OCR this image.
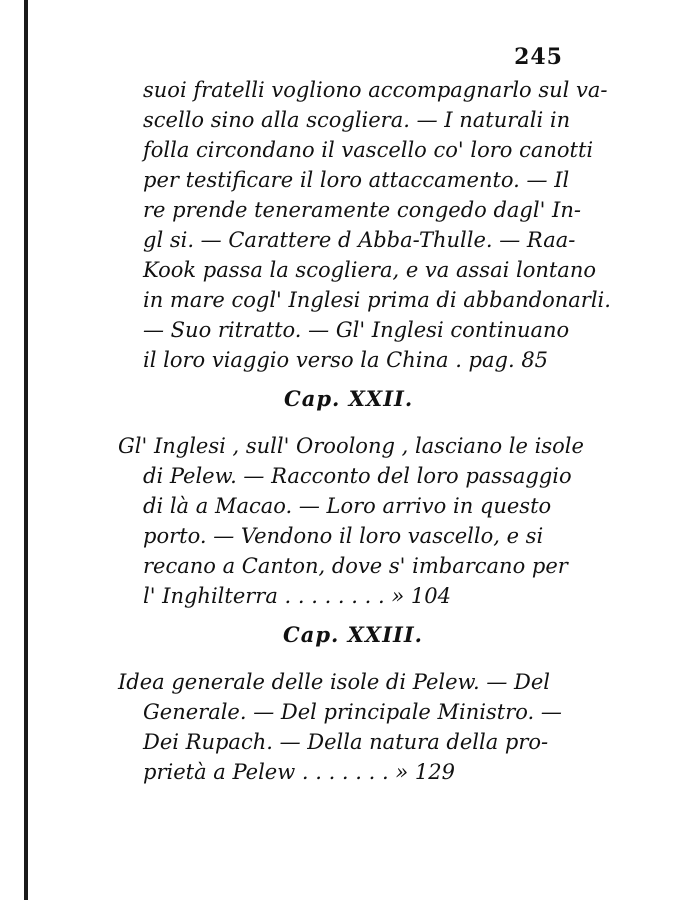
245
suoi fratelli vogliono accompagnarlo sul va-
scello sino alla scogliera. — I naturali in
folla circondano il vascello co' loro canotti
per testificare il loro attaccamento. — Il
re prende teneramente congedo dagl' In-
gl si. — Carattere d Abba-Thulle. — Raa-
Kook passa la scogliera, e va assai lontano
in mare cogl' Inglesi prima di abbandonarli.
— Suo ritratto. — Gl' Inglesi continuano
il loro viaggio verso la China . pag. 85
Cap. XXII.
Gl' Inglesi , sull' Oroolong , lasciano le isole
di Pelew. — Racconto del loro passaggio
di là a Macao. — Loro arrivo in questo
porto. — Vendono il loro vascello, e si
recano a Canton, dove s' imbarcano per
l' Inghilterra . . . . . . . . » 104
Cap. XXIII.
Idea generale delle isole di Pelew. — Del
Generale. — Del principale Ministro. —
Dei Rupach. — Della natura della pro-
prietà a Pelew . . . . . . . » 129
